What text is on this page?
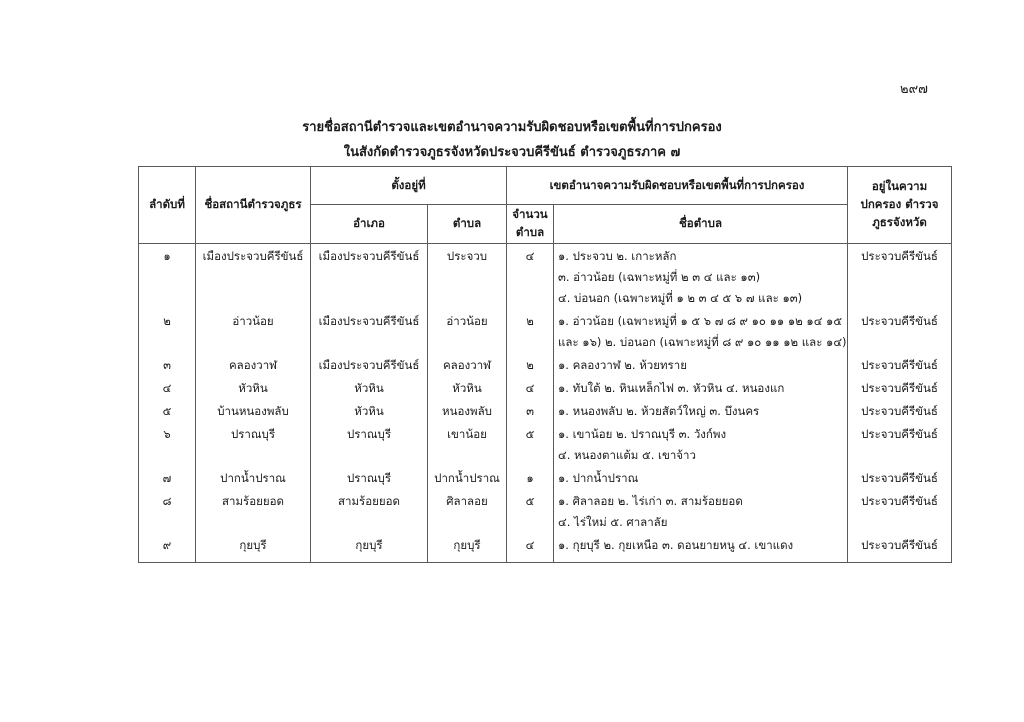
๒๙๗
รายชื่อสถานีตำรวจและเขตอำนาจความรับผิดชอบหรือเขตพื้นที่การปกครอง
ในสังกัดตำรวจภูธรจังหวัดประจวบคีรีขันธ์ ตำรวจภูธรภาค ๗
ลำดับที่	ชื่อสถานีตำรวจภูธร	ตั้งอยู่ที่		เขตอำนาจความรับผิดชอบหรือเขตพื้นที่การปกครอง		อยู่ในความปกครอง ตำรวจภูธรจังหวัด
		อำเภอ	ตำบล	จำนวน ตำบล	ชื่อตำบล	
๑	เมืองประจวบคีรีขันธ์	เมืองประจวบคีรีขันธ์	ประจวบ	๔	๑. ประจวบ ๒. เกาะหลัก
๓. อ่าวน้อย (เฉพาะหมู่ที่ ๒ ๓ ๔ และ ๑๓)
๔. บ่อนอก (เฉพาะหมู่ที่ ๑ ๒ ๓ ๔ ๕ ๖ ๗ และ ๑๓)	ประจวบคีรีขันธ์
๒	อ่าวน้อย	เมืองประจวบคีรีขันธ์	อ่าวน้อย	๒	๑. อ่าวน้อย (เฉพาะหมู่ที่ ๑ ๕ ๖ ๗ ๘ ๙ ๑๐ ๑๑ ๑๒ ๑๔ ๑๕
และ ๑๖) ๒. บ่อนอก (เฉพาะหมู่ที่ ๘ ๙ ๑๐ ๑๑ ๑๒ และ ๑๔)	ประจวบคีรีขันธ์
๓	คลองวาฬ	เมืองประจวบคีรีขันธ์	คลองวาฬ	๒	๑. คลองวาฬ ๒. ห้วยทราย	ประจวบคีรีขันธ์
๔	หัวหิน	หัวหิน	หัวหิน	๔	๑. ทับใต้ ๒. หินเหล็กไฟ ๓. หัวหิน ๔. หนองแก	ประจวบคีรีขันธ์
๕	บ้านหนองพลับ	หัวหิน	หนองพลับ	๓	๑. หนองพลับ ๒. ห้วยสัตว์ใหญ่ ๓. บึงนคร	ประจวบคีรีขันธ์
๖	ปราณบุรี	ปราณบุรี	เขาน้อย	๕	๑. เขาน้อย ๒. ปราณบุรี ๓. วังก์พง
๔. หนองตาแต้ม ๕. เขาจ้าว	ประจวบคีรีขันธ์
๗	ปากน้ำปราณ	ปราณบุรี	ปากน้ำปราณ	๑	๑. ปากน้ำปราณ	ประจวบคีรีขันธ์
๘	สามร้อยยอด	สามร้อยยอด	ศิลาลอย	๕	๑. ศิลาลอย ๒. ไร่เก่า ๓. สามร้อยยอด
๔. ไร่ใหม่ ๕. ศาลาลัย	ประจวบคีรีขันธ์
๙	กุยบุรี	กุยบุรี	กุยบุรี	๔	๑. กุยบุรี ๒. กุยเหนือ ๓. ดอนยายหนู ๔. เขาแดง	ประจวบคีรีขันธ์
